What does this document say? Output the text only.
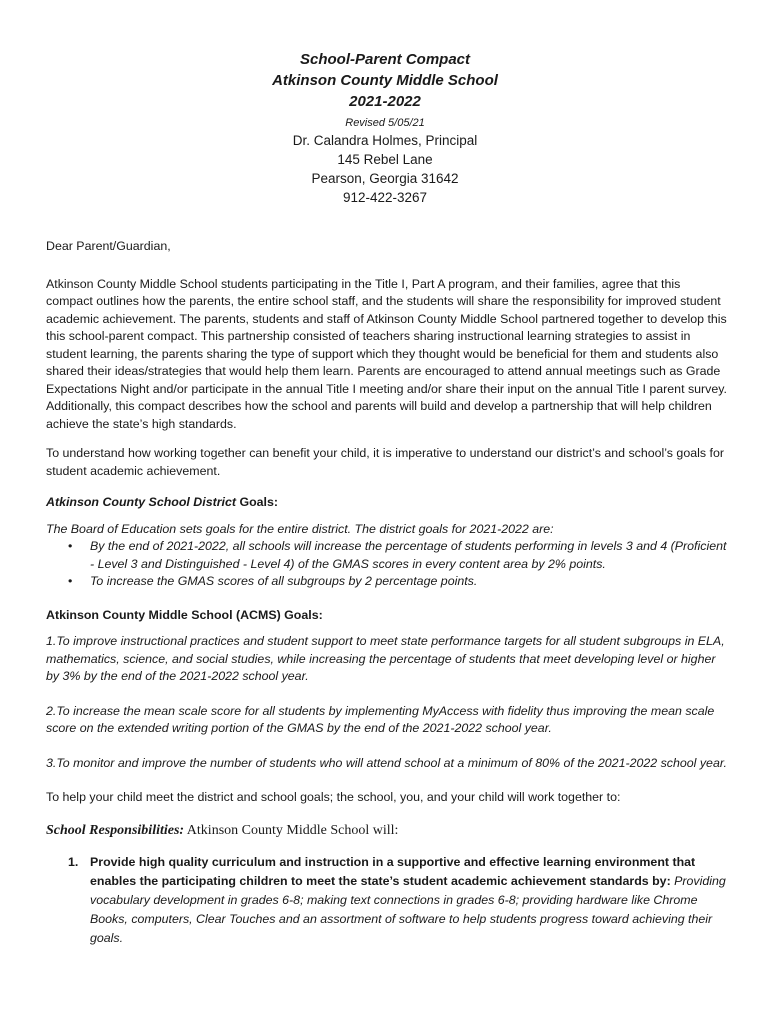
School-Parent Compact
Atkinson County Middle School
2021-2022
Revised 5/05/21
Dr. Calandra Holmes, Principal
145 Rebel Lane
Pearson, Georgia 31642
912-422-3267

Dear Parent/Guardian,

Atkinson County Middle School students participating in the Title I, Part A program, and their families, agree that this compact outlines how the parents, the entire school staff, and the students will share the responsibility for improved student academic achievement. The parents, students and staff of Atkinson County Middle School partnered together to develop this this school-parent compact. This partnership consisted of teachers sharing instructional learning strategies to assist in student learning, the parents sharing the type of support which they thought would be beneficial for them and students also shared their ideas/strategies that would help them learn. Parents are encouraged to attend annual meetings such as Grade Expectations Night and/or participate in the annual Title I meeting and/or share their input on the annual Title I parent survey. Additionally, this compact describes how the school and parents will build and develop a partnership that will help children achieve the state’s high standards.

To understand how working together can benefit your child, it is imperative to understand our district’s and school’s goals for student academic achievement.

Atkinson County School District Goals:

The Board of Education sets goals for the entire district. The district goals for 2021-2022 are:

• By the end of 2021-2022, all schools will increase the percentage of students performing in levels 3 and 4 (Proficient - Level 3 and Distinguished - Level 4) of the GMAS scores in every content area by 2% points.
• To increase the GMAS scores of all subgroups by 2 percentage points.

Atkinson County Middle School (ACMS) Goals:

1.To improve instructional practices and student support to meet state performance targets for all student subgroups in ELA, mathematics, science, and social studies, while increasing the percentage of students that meet developing level or higher by 3% by the end of the 2021-2022 school year.

2.To increase the mean scale score for all students by implementing MyAccess with fidelity thus improving the mean scale score on the extended writing portion of the GMAS by the end of the 2021-2022 school year.

3.To monitor and improve the number of students who will attend school at a minimum of 80% of the 2021-2022 school year.

To help your child meet the district and school goals; the school, you, and your child will work together to:

School Responsibilities: Atkinson County Middle School will:

1. Provide high quality curriculum and instruction in a supportive and effective learning environment that enables the participating children to meet the state’s student academic achievement standards by: Providing vocabulary development in grades 6-8; making text connections in grades 6-8; providing hardware like Chrome Books, computers, Clear Touches and an assortment of software to help students progress toward achieving their goals.
